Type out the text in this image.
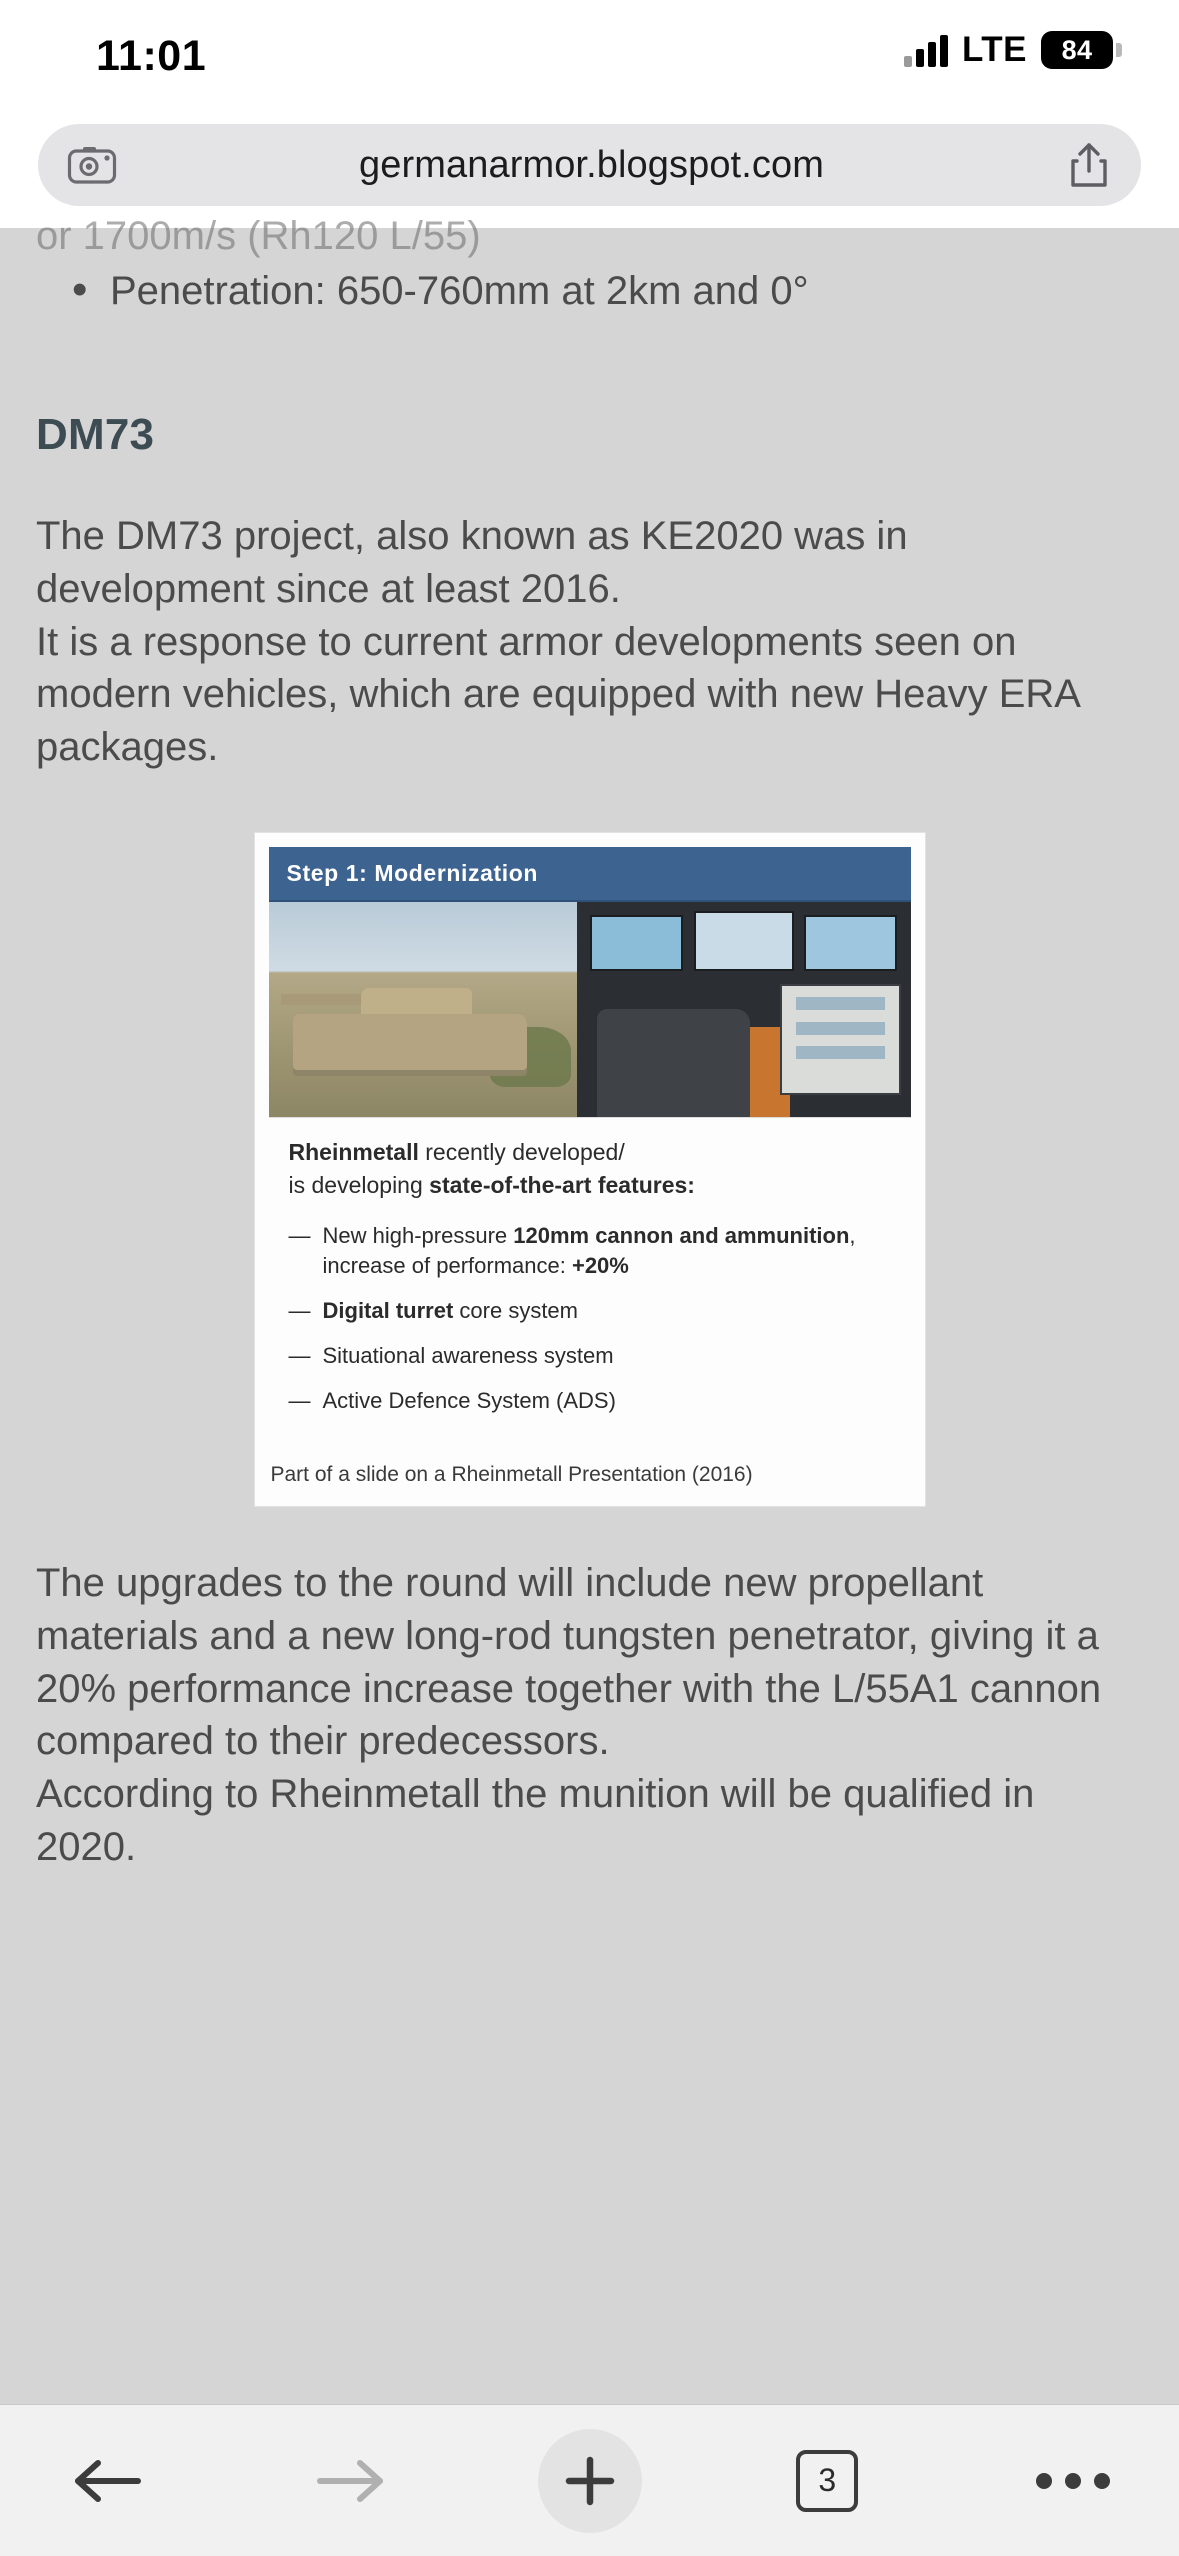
11:01	LTE 84
germanarmor.blogspot.com
or 1700m/s (Rh120 L/55)
• Penetration: 650-760mm at 2km and 0°
DM73

The DM73 project, also known as KE2020 was in development since at least 2016.

It is a response to current armor developments seen on modern vehicles, which are equipped with new Heavy ERA packages.

Step 1: Modernization
Rheinmetall recently developed/
is developing state-of-the-art features:
— New high-pressure 120mm cannon and ammunition, increase of performance: +20%
— Digital turret core system
— Situational awareness system
— Active Defence System (ADS)
Part of a slide on a Rheinmetall Presentation (2016)

The upgrades to the round will include new propellant materials and a new long-rod tungsten penetrator, giving it a 20% performance increase together with the L/55A1 cannon compared to their predecessors.

According to Rheinmetall the munition will be qualified in 2020.

3
